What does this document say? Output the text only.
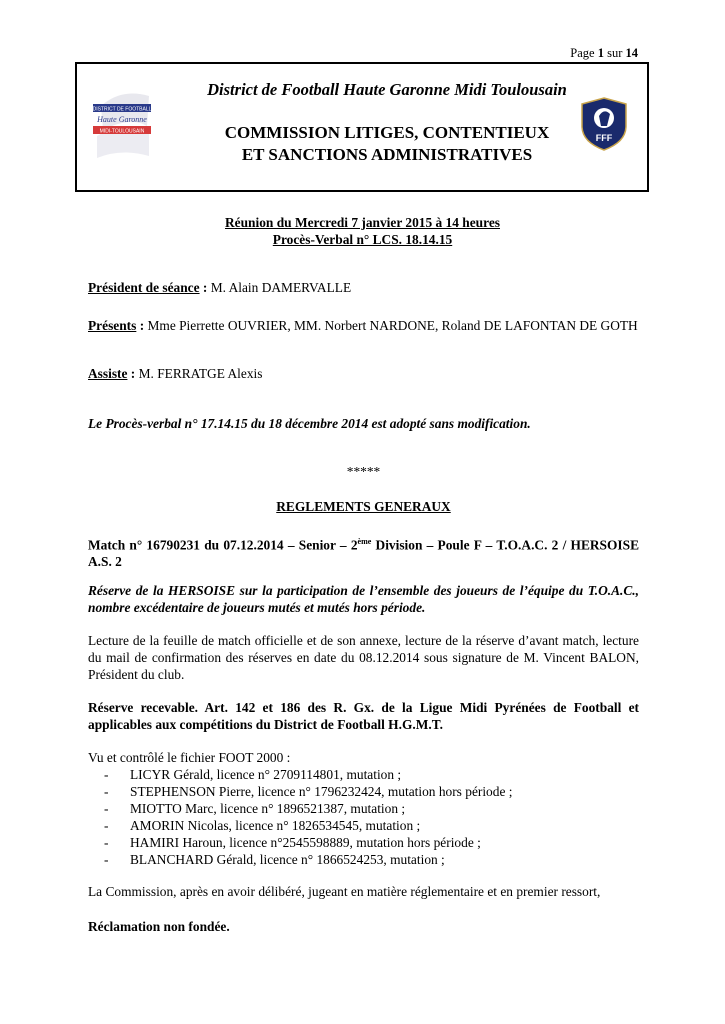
Page 1 sur 14
DISTRICT DE FOOTBALL
Haute Garonne
MIDI-TOULOUSAIN
District de Football Haute Garonne Midi Toulousain
COMMISSION LITIGES, CONTENTIEUX
ET SANCTIONS ADMINISTRATIVES
FFF
Réunion du Mercredi 7 janvier 2015 à 14 heures
Procès-Verbal n° LCS. 18.14.15
Président de séance : M. Alain DAMERVALLE
Présents : Mme Pierrette OUVRIER, MM. Norbert NARDONE, Roland DE LAFONTAN DE GOTH
Assiste : M. FERRATGE Alexis
Le Procès-verbal n° 17.14.15 du 18 décembre 2014 est adopté sans modification.
*****
REGLEMENTS GENERAUX
Match n° 16790231 du 07.12.2014 – Senior – 2ème Division – Poule F – T.O.A.C. 2 / HERSOISE A.S. 2
Réserve de la HERSOISE sur la participation de l’ensemble des joueurs de l’équipe du T.O.A.C., nombre excédentaire de joueurs mutés et mutés hors période.
Lecture de la feuille de match officielle et de son annexe, lecture de la réserve d’avant match, lecture du mail de confirmation des réserves en date du 08.12.2014 sous signature de M. Vincent BALON, Président du club.
Réserve recevable. Art. 142 et 186 des R. Gx. de la Ligue Midi Pyrénées de Football et applicables aux compétitions du District de Football H.G.M.T.
Vu et contrôlé le fichier FOOT 2000 :
- LICYR Gérald, licence n° 2709114801, mutation ;
- STEPHENSON Pierre, licence n° 1796232424, mutation hors période ;
- MIOTTO Marc, licence n° 1896521387, mutation ;
- AMORIN Nicolas, licence n° 1826534545, mutation ;
- HAMIRI Haroun, licence n°2545598889, mutation hors période ;
- BLANCHARD Gérald, licence n° 1866524253, mutation ;
La Commission, après en avoir délibéré, jugeant en matière réglementaire et en premier ressort,
Réclamation non fondée.
